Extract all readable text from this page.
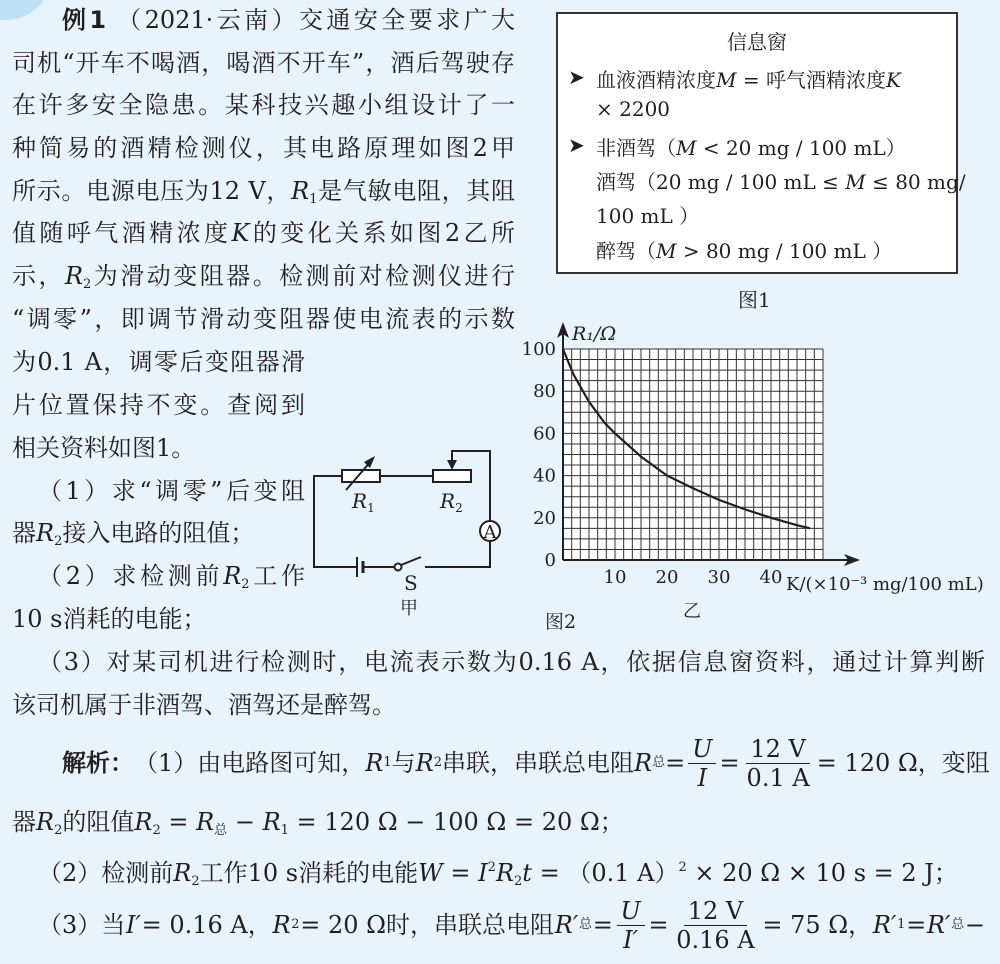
例1 （2021·云南）交通安全要求广大
司机“开车不喝酒，喝酒不开车”，酒后驾驶存
在许多安全隐患。某科技兴趣小组设计了一
种简易的酒精检测仪，其电路原理如图2甲
所示。电源电压为12 V，$R_1$是气敏电阻，其阻
值随呼气酒精浓度K的变化关系如图2乙所
示，$R_2$为滑动变阻器。检测前对检测仪进行
“调零”，即调节滑动变阻器使电流表的示数
为0.1 A，调零后变阻器滑
片位置保持不变。查阅到
相关资料如图1。
（1）求“调零”后变阻
器$R_2$接入电路的阻值；
（2）求检测前$R_2$工作
10 s消耗的电能；
（3）对某司机进行检测时，电流表示数为0.16 A，依据信息窗资料，通过计算判断
该司机属于非酒驾、酒驾还是醉驾。
解析： （1）由电路图可知， R 1 与 R 2 串联，串联总电阻 R 总 = $\frac{U}{I} = \frac{12 V}{0.1 A} = 120$ Ω，变阻
器$R_2$的阻值$R_2 = R_总 - R_1 = 120$ Ω − 100 Ω = 20 Ω；
（2）检测前$R_2$工作10 s消耗的电能$W = I^2R_2t = (0.1$ A）$^2$ × 20 Ω × 10 s = 2 J；
（3）当 I′ = 0.16 A， R 2 = 20 Ω时，串联总电阻 R′ 总 = $\frac{U}{I'} = \frac{12 V}{0.16 A} = 75$ Ω， R′ 1 = R′ 总 −
信息窗
血液酒精浓度M = 呼气酒精浓度K
× 2200
非酒驾（M < 20 mg / 100 mL）
酒驾（20 mg / 100 mL ≤ M ≤ 80 mg/
100 mL ）
醉驾（M > 80 mg / 100 mL ）
➤
➤
图1
$R_1$	$R_2$
A
S
甲
10 20 30 40
0
20
40
60
80
100
R₁/Ω
K/(×10⁻³ mg/100 mL)
乙
图2
